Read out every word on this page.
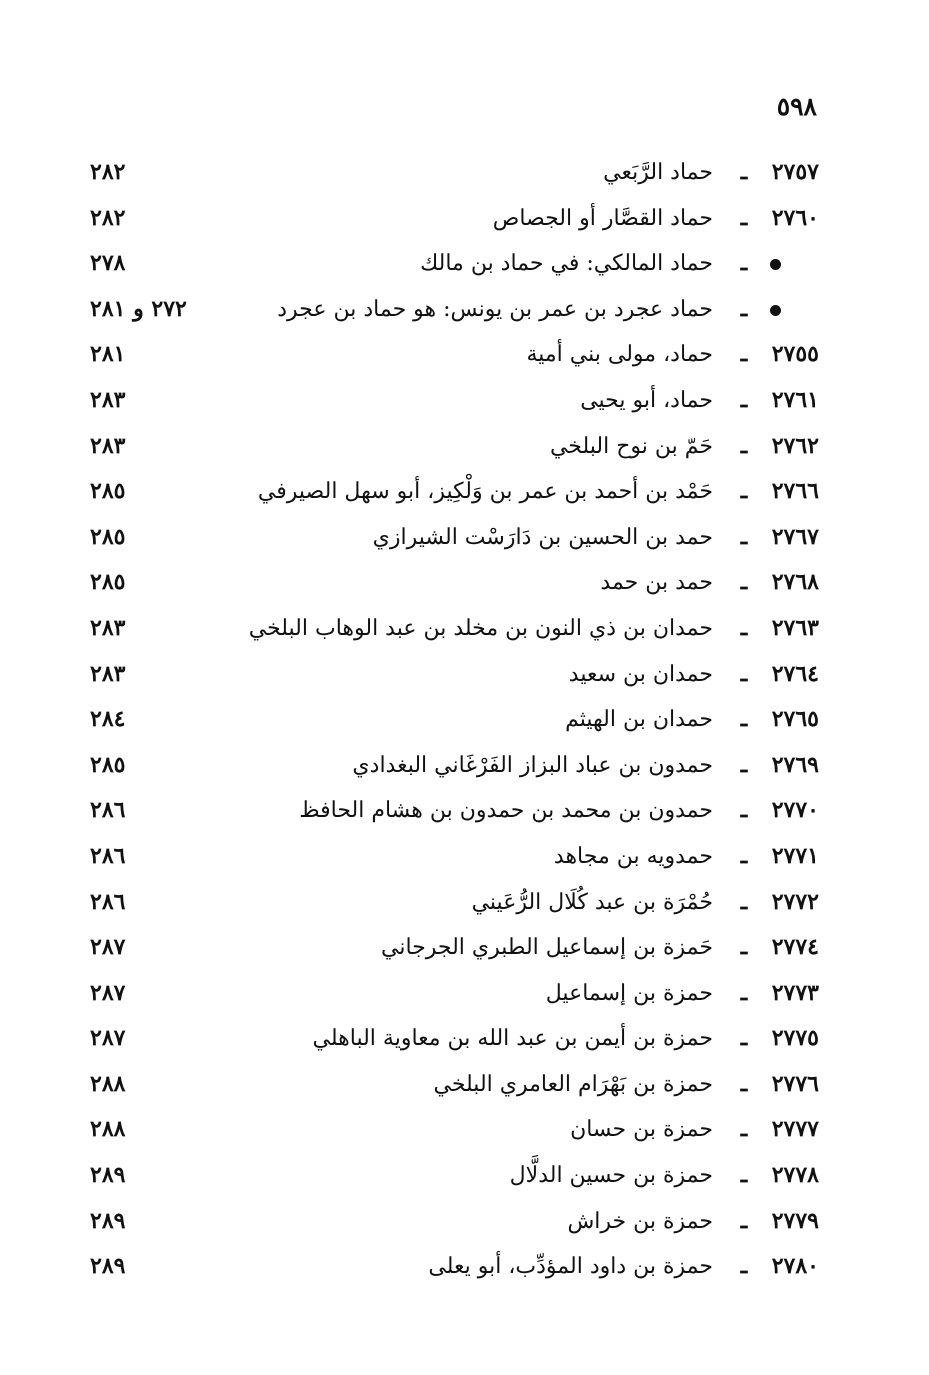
٥٩٨
٢٧٥٧
ـ
حماد الرَّبَعي
٢٨٢
٢٧٦٠
ـ
حماد القصَّار أو الجصاص
٢٨٢
ـ
حماد المالكي: في حماد بن مالك
٢٧٨
ـ
حماد عجرد بن عمر بن يونس: هو حماد بن عجرد
٢٧٢ و ٢٨١
٢٧٥٥
ـ
حماد، مولى بني أمية
٢٨١
٢٧٦١
ـ
حماد، أبو يحيى
٢٨٣
٢٧٦٢
ـ
حَمّ بن نوح البلخي
٢٨٣
٢٧٦٦
ـ
حَمْد بن أحمد بن عمر بن وَلْكِيز، أبو سهل الصيرفي
٢٨٥
٢٧٦٧
ـ
حمد بن الحسين بن دَارَسْت الشيرازي
٢٨٥
٢٧٦٨
ـ
حمد بن حمد
٢٨٥
٢٧٦٣
ـ
حمدان بن ذي النون بن مخلد بن عبد الوهاب البلخي
٢٨٣
٢٧٦٤
ـ
حمدان بن سعيد
٢٨٣
٢٧٦٥
ـ
حمدان بن الهيثم
٢٨٤
٢٧٦٩
ـ
حمدون بن عباد البزاز الفَرْغَاني البغدادي
٢٨٥
٢٧٧٠
ـ
حمدون بن محمد بن حمدون بن هشام الحافظ
٢٨٦
٢٧٧١
ـ
حمدويه بن مجاهد
٢٨٦
٢٧٧٢
ـ
حُمْرَة بن عبد كُلَال الرُّعَيني
٢٨٦
٢٧٧٤
ـ
حَمزة بن إسماعيل الطبري الجرجاني
٢٨٧
٢٧٧٣
ـ
حمزة بن إسماعيل
٢٨٧
٢٧٧٥
ـ
حمزة بن أيمن بن عبد الله بن معاوية الباهلي
٢٨٧
٢٧٧٦
ـ
حمزة بن بَهْرَام العامري البلخي
٢٨٨
٢٧٧٧
ـ
حمزة بن حسان
٢٨٨
٢٧٧٨
ـ
حمزة بن حسين الدلَّال
٢٨٩
٢٧٧٩
ـ
حمزة بن خراش
٢٨٩
٢٧٨٠
ـ
حمزة بن داود المؤدِّب، أبو يعلى
٢٨٩
